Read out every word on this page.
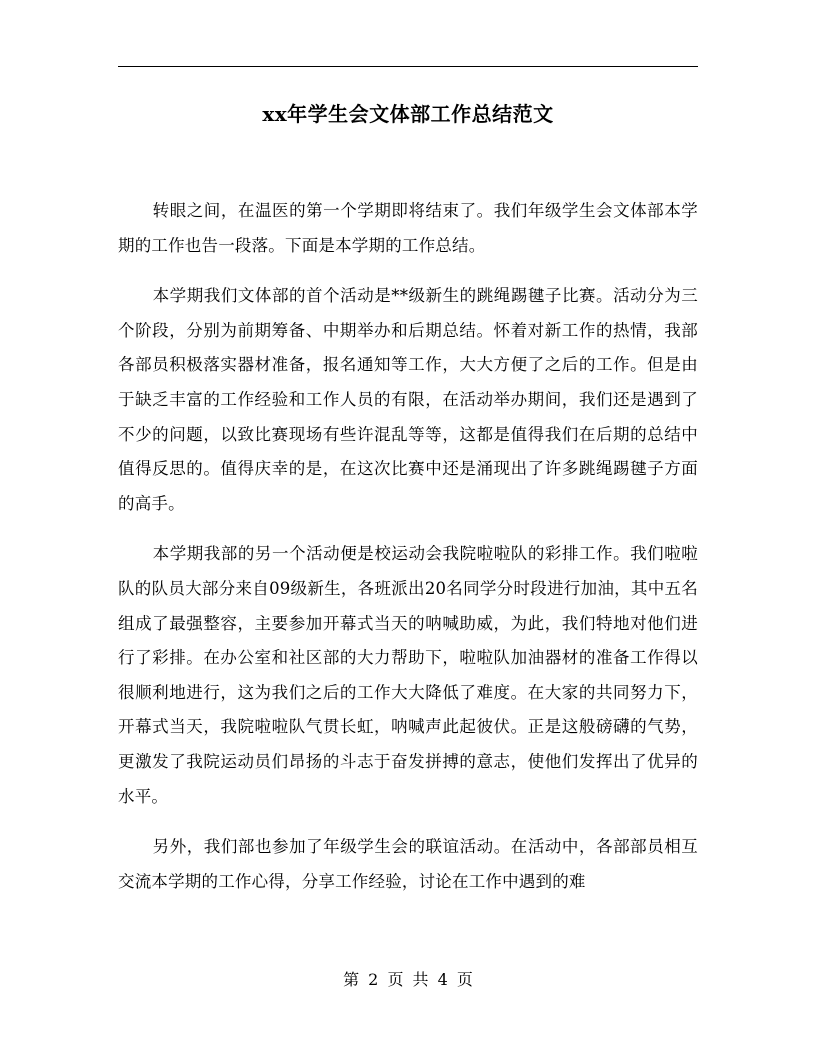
xx年学生会文体部工作总结范文

转眼之间，在温医的第一个学期即将结束了。我们年级学生会文体部本学期的工作也告一段落。下面是本学期的工作总结。

本学期我们文体部的首个活动是**级新生的跳绳踢毽子比赛。活动分为三个阶段，分别为前期筹备、中期举办和后期总结。怀着对新工作的热情，我部各部员积极落实器材准备，报名通知等工作，大大方便了之后的工作。但是由于缺乏丰富的工作经验和工作人员的有限，在活动举办期间，我们还是遇到了不少的问题，以致比赛现场有些许混乱等等，这都是值得我们在后期的总结中值得反思的。值得庆幸的是，在这次比赛中还是涌现出了许多跳绳踢毽子方面的高手。

本学期我部的另一个活动便是校运动会我院啦啦队的彩排工作。我们啦啦队的队员大部分来自09级新生，各班派出20名同学分时段进行加油，其中五名组成了最强整容，主要参加开幕式当天的呐喊助威，为此，我们特地对他们进行了彩排。在办公室和社区部的大力帮助下，啦啦队加油器材的准备工作得以很顺利地进行，这为我们之后的工作大大降低了难度。在大家的共同努力下，开幕式当天，我院啦啦队气贯长虹，呐喊声此起彼伏。正是这般磅礴的气势，更激发了我院运动员们昂扬的斗志于奋发拼搏的意志，使他们发挥出了优异的水平。

另外，我们部也参加了年级学生会的联谊活动。在活动中，各部部员相互交流本学期的工作心得，分享工作经验，讨论在工作中遇到的难

第 2 页 共 4 页
